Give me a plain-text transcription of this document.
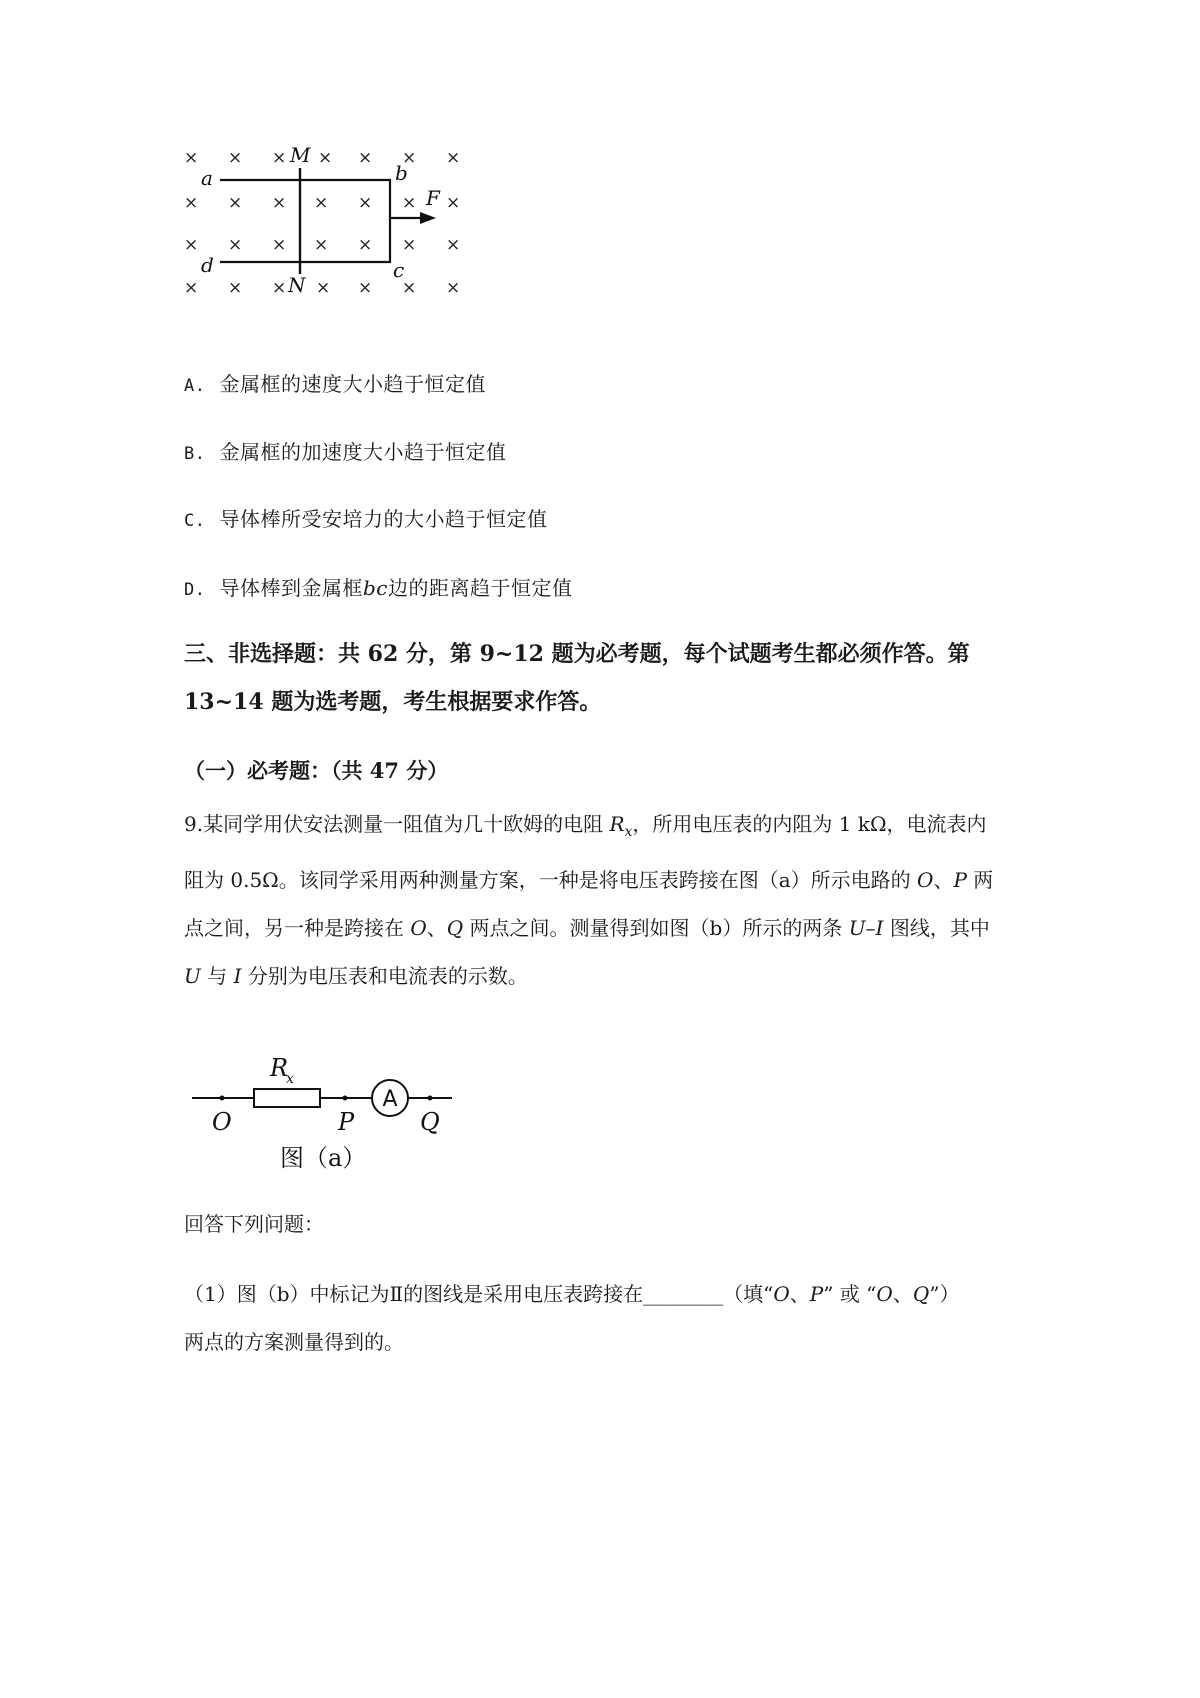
× × × × × × ×
× × × × × × ×
× × × × × × ×
× × × × × × ×
M
N
a	b
c
d
F
A. 金属框的速度大小趋于恒定值
B. 金属框的加速度大小趋于恒定值
C. 导体棒所受安培力的大小趋于恒定值
D. 导体棒到金属框bc边的距离趋于恒定值
三、非选择题：共 62 分，第 9~12 题为必考题，每个试题考生都必须作答。第
13~14 题为选考题，考生根据要求作答。
（一）必考题：（共 47 分）

9.某同学用伏安法测量一阻值为几十欧姆的电阻 $R_x$，所用电压表的内阻为 1 kΩ，电流表内

阻为 0.5Ω。该同学采用两种测量方案，一种是将电压表跨接在图（a）所示电路的 O、P 两

点之间，另一种是跨接在 O、Q 两点之间。测量得到如图（b）所示的两条 U–I 图线，其中

U 与 I 分别为电压表和电流表的示数。

A
R
x
O	P	Q
图（a）
回答下列问题：

（1）图（b）中标记为Ⅱ的图线是采用电压表跨接在________（填“O、P” 或 “O、Q”）

两点的方案测量得到的。
